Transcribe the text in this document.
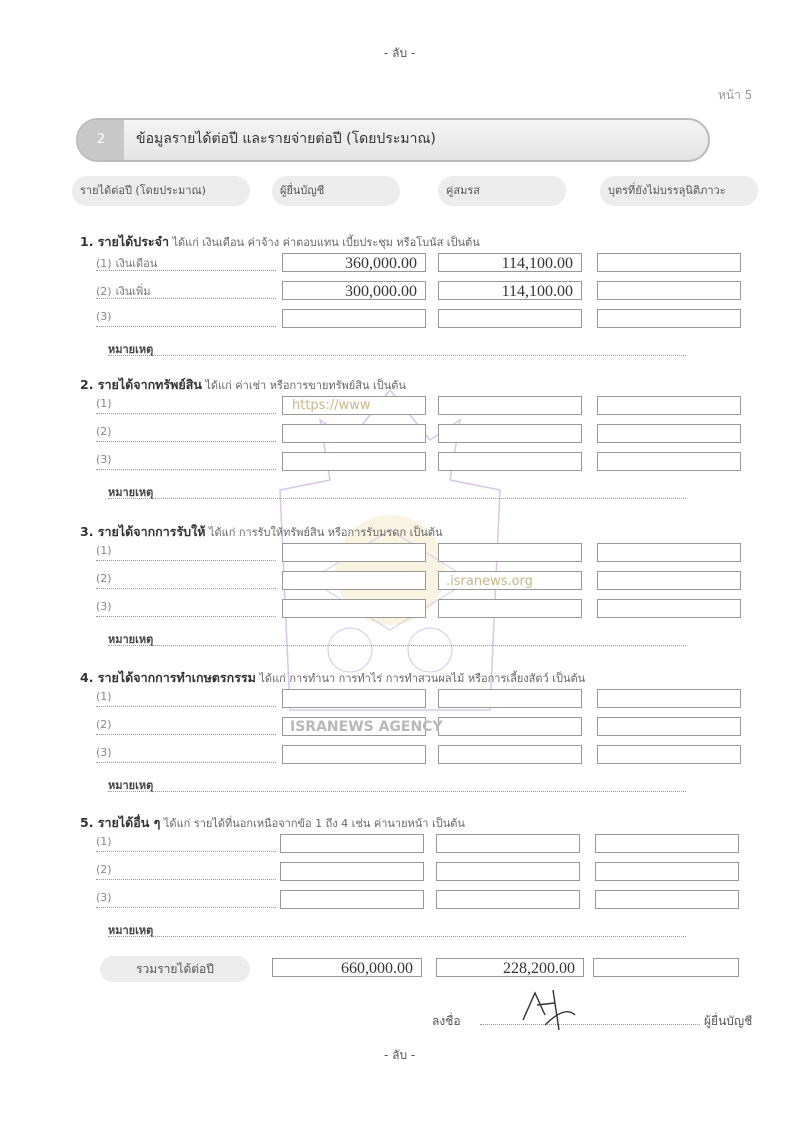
- ลับ -
หน้า 5
2	ข้อมูลรายได้ต่อปี และรายจ่ายต่อปี (โดยประมาณ)
รายได้ต่อปี (โดยประมาณ)	ผู้ยื่นบัญชี	คู่สมรส	บุตรที่ยังไม่บรรลุนิติภาวะ
https://www
.isranews.org
ISRANEWS AGENCY
รวมรายได้ต่อปี	660,000.00	228,200.00
ลงชื่อ	ผู้ยื่นบัญชี
- ลับ -
1. รายได้ประจำ ได้แก่ เงินเดือน ค่าจ้าง ค่าตอบแทน เบี้ยประชุม หรือโบนัส เป็นต้น
(1) เงินเดือน	360,000.00	114,100.00
(2) เงินเพิ่ม	300,000.00	114,100.00
(3)
หมายเหตุ
2. รายได้จากทรัพย์สิน ได้แก่ ค่าเช่า หรือการขายทรัพย์สิน เป็นต้น
(1)
(2)
(3)
หมายเหตุ
3. รายได้จากการรับให้ ได้แก่ การรับให้ทรัพย์สิน หรือการรับมรดก เป็นต้น
(1)
(2)
(3)
หมายเหตุ
4. รายได้จากการทำเกษตรกรรม ได้แก่ การทำนา การทำไร่ การทำสวนผลไม้ หรือการเลี้ยงสัตว์ เป็นต้น
(1)
(2)
(3)
หมายเหตุ
5. รายได้อื่น ๆ ได้แก่ รายได้ที่นอกเหนือจากข้อ 1 ถึง 4 เช่น ค่านายหน้า เป็นต้น
(1)
(2)
(3)
หมายเหตุ
